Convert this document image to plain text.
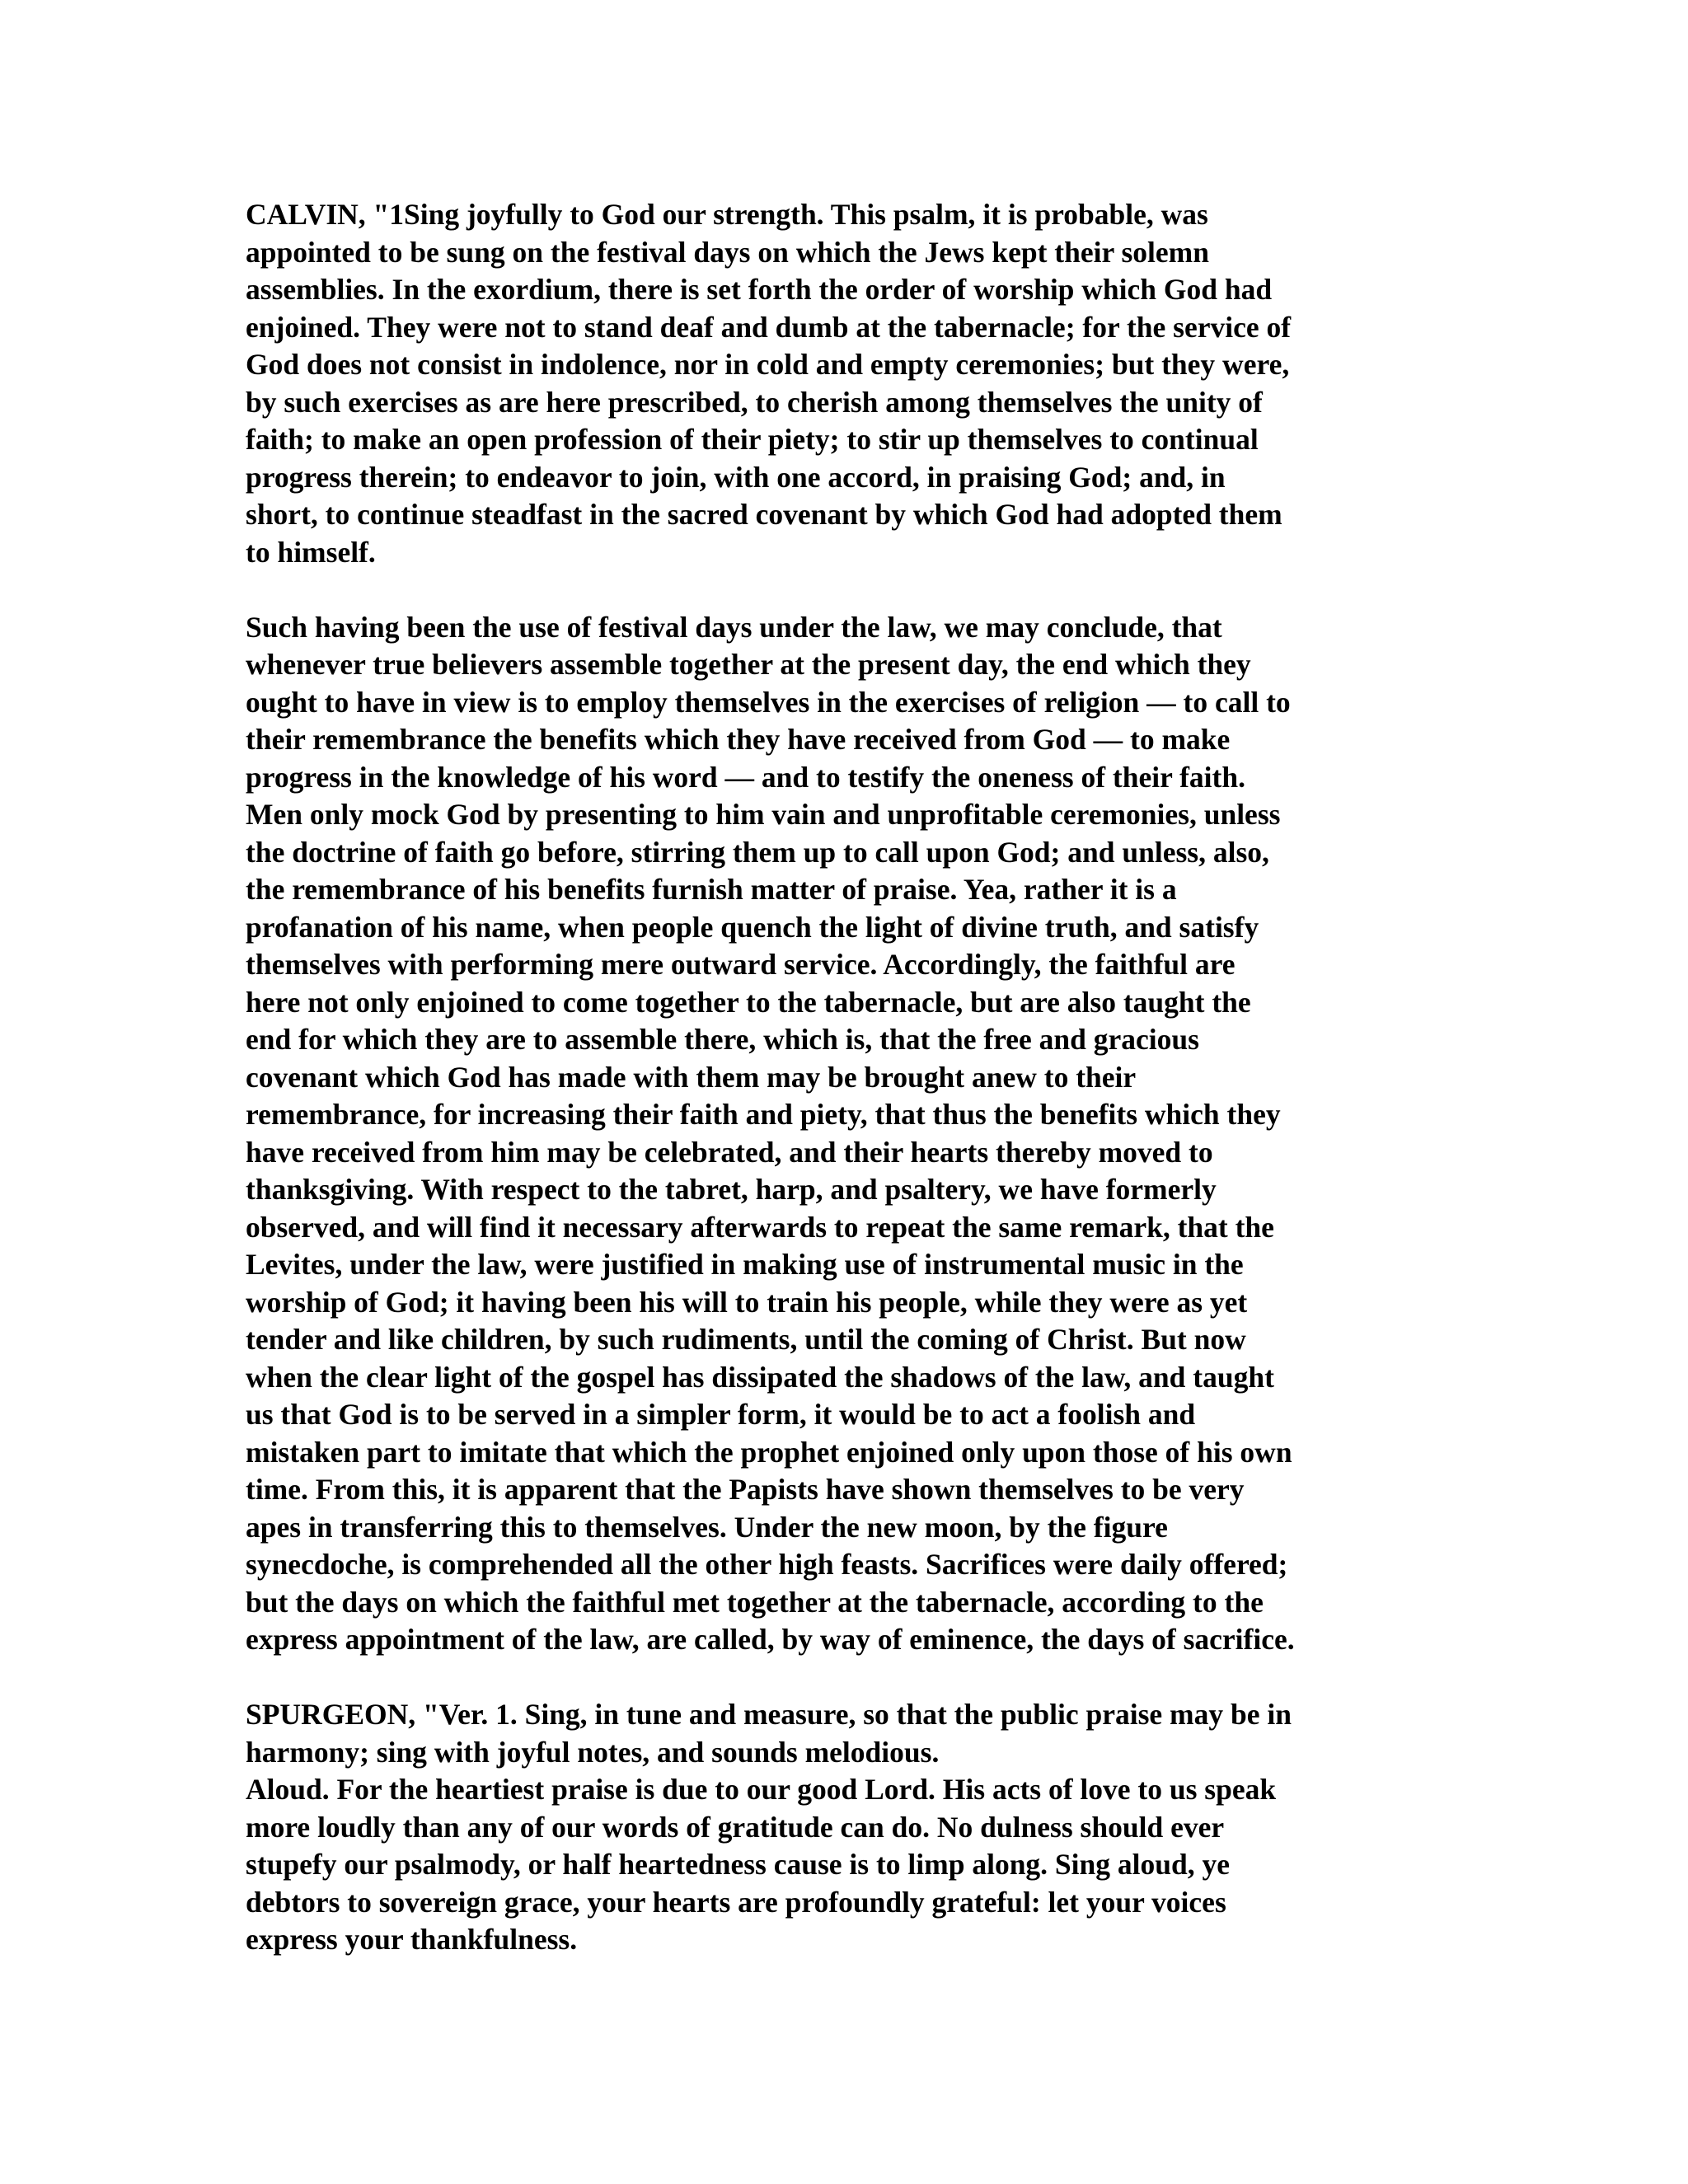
CALVIN, "1Sing joyfully to God our strength. This psalm, it is probable, was
appointed to be sung on the festival days on which the Jews kept their solemn
assemblies. In the exordium, there is set forth the order of worship which God had
enjoined. They were not to stand deaf and dumb at the tabernacle; for the service of
God does not consist in indolence, nor in cold and empty ceremonies; but they were,
by such exercises as are here prescribed, to cherish among themselves the unity of
faith; to make an open profession of their piety; to stir up themselves to continual
progress therein; to endeavor to join, with one accord, in praising God; and, in
short, to continue steadfast in the sacred covenant by which God had adopted them
to himself.
Such having been the use of festival days under the law, we may conclude, that
whenever true believers assemble together at the present day, the end which they
ought to have in view is to employ themselves in the exercises of religion — to call to
their remembrance the benefits which they have received from God — to make
progress in the knowledge of his word — and to testify the oneness of their faith.
Men only mock God by presenting to him vain and unprofitable ceremonies, unless
the doctrine of faith go before, stirring them up to call upon God; and unless, also,
the remembrance of his benefits furnish matter of praise. Yea, rather it is a
profanation of his name, when people quench the light of divine truth, and satisfy
themselves with performing mere outward service. Accordingly, the faithful are
here not only enjoined to come together to the tabernacle, but are also taught the
end for which they are to assemble there, which is, that the free and gracious
covenant which God has made with them may be brought anew to their
remembrance, for increasing their faith and piety, that thus the benefits which they
have received from him may be celebrated, and their hearts thereby moved to
thanksgiving. With respect to the tabret, harp, and psaltery, we have formerly
observed, and will find it necessary afterwards to repeat the same remark, that the
Levites, under the law, were justified in making use of instrumental music in the
worship of God; it having been his will to train his people, while they were as yet
tender and like children, by such rudiments, until the coming of Christ. But now
when the clear light of the gospel has dissipated the shadows of the law, and taught
us that God is to be served in a simpler form, it would be to act a foolish and
mistaken part to imitate that which the prophet enjoined only upon those of his own
time. From this, it is apparent that the Papists have shown themselves to be very
apes in transferring this to themselves. Under the new moon, by the figure
synecdoche, is comprehended all the other high feasts. Sacrifices were daily offered;
but the days on which the faithful met together at the tabernacle, according to the
express appointment of the law, are called, by way of eminence, the days of sacrifice.
SPURGEON, "Ver. 1. Sing, in tune and measure, so that the public praise may be in
harmony; sing with joyful notes, and sounds melodious.
Aloud. For the heartiest praise is due to our good Lord. His acts of love to us speak
more loudly than any of our words of gratitude can do. No dulness should ever
stupefy our psalmody, or half heartedness cause is to limp along. Sing aloud, ye
debtors to sovereign grace, your hearts are profoundly grateful: let your voices
express your thankfulness.
